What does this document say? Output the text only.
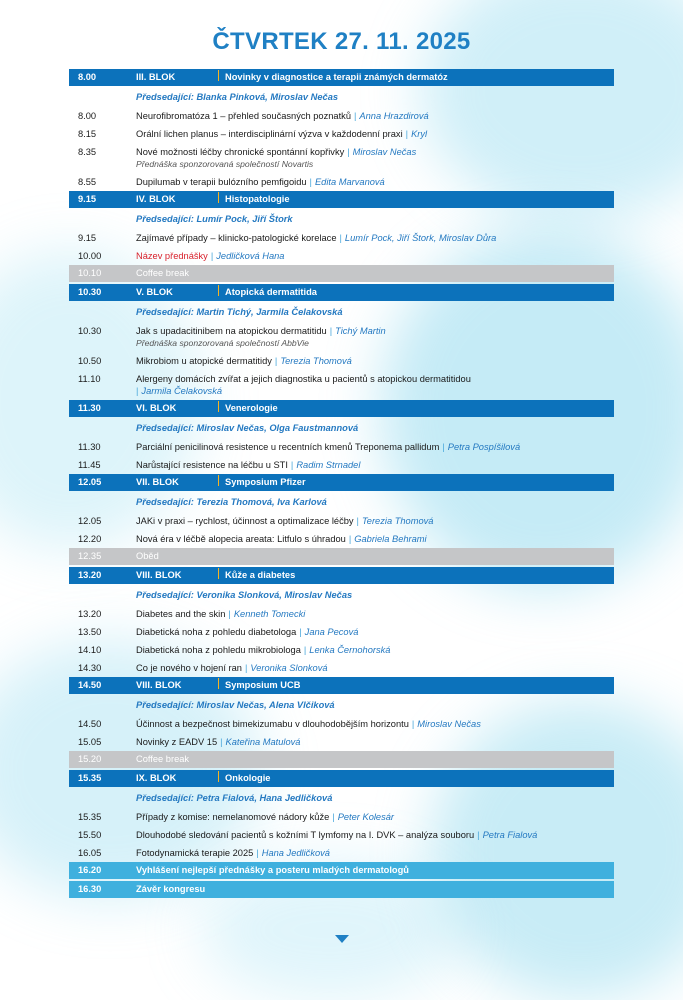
ČTVRTEK 27. 11. 2025
8.00	III. BLOK	Novinky v diagnostice a terapii známých dermatóz
Předsedající: Blanka Pinková, Miroslav Nečas
8.00	Neurofibromatóza 1 – přehled současných poznatků | Anna Hrazdirová
8.15	Orální lichen planus – interdisciplinární výzva v každodenní praxi | Kryl
8.35	Nové možnosti léčby chronické spontánní kopřivky | Miroslav Nečas
Přednáška sponzorovaná společností Novartis
8.55	Dupilumab v terapii bulózního pemfigoidu | Edita Marvanová
9.15	IV. BLOK	Histopatologie
Předsedající: Lumír Pock, Jiří Štork
9.15	Zajímavé případy – klinicko-patologické korelace | Lumír Pock, Jiří Štork, Miroslav Důra
10.00	Název přednášky | Jedličková Hana
10.10	Coffee break
10.30	V. BLOK	Atopická dermatitida
Předsedající: Martin Tichý, Jarmila Čelakovská
10.30	Jak s upadacitinibem na atopickou dermatitidu | Tichý Martin
Přednáška sponzorovaná společností AbbVie
10.50	Mikrobiom u atopické dermatitidy | Terezia Thomová
11.10	Alergeny domácích zvířat a jejich diagnostika u pacientů s atopickou dermatitidou
| Jarmila Čelakovská
11.30	VI. BLOK	Venerologie
Předsedající: Miroslav Nečas, Olga Faustmannová
11.30	Parciální penicilinová resistence u recentních kmenů Treponema pallidum | Petra Pospíšilová
11.45	Narůstající resistence na léčbu u STI | Radim Strnadel
12.05	VII. BLOK	Symposium Pfizer
Předsedající: Terezia Thomová, Iva Karlová
12.05	JAKi v praxi – rychlost, účinnost a optimalizace léčby | Terezia Thomová
12.20	Nová éra v léčbě alopecia areata: Litfulo s úhradou | Gabriela Behrami
12.35	Oběd
13.20	VIII. BLOK	Kůže a diabetes
Předsedající: Veronika Slonková, Miroslav Nečas
13.20	Diabetes and the skin | Kenneth Tomecki
13.50	Diabetická noha z pohledu diabetologa | Jana Pecová
14.10	Diabetická noha z pohledu mikrobiologa | Lenka Černohorská
14.30	Co je nového v hojení ran | Veronika Slonková
14.50	VIII. BLOK	Symposium UCB
Předsedající: Miroslav Nečas, Alena Vlčiková
14.50	Účinnost a bezpečnost bimekizumabu v dlouhodobějším horizontu | Miroslav Nečas
15.05	Novinky z EADV 15 | Kateřina Matulová
15.20	Coffee break
15.35	IX. BLOK	Onkologie
Předsedající: Petra Fialová, Hana Jedličková
15.35	Případy z komise: nemelanomové nádory kůže | Peter Kolesár
15.50	Dlouhodobé sledování pacientů s kožními T lymfomy na I. DVK – analýza souboru | Petra Fialová
16.05	Fotodynamická terapie 2025 | Hana Jedličková
16.20	Vyhlášení nejlepší přednášky a posteru mladých dermatologů
16.30	Závěr kongresu
